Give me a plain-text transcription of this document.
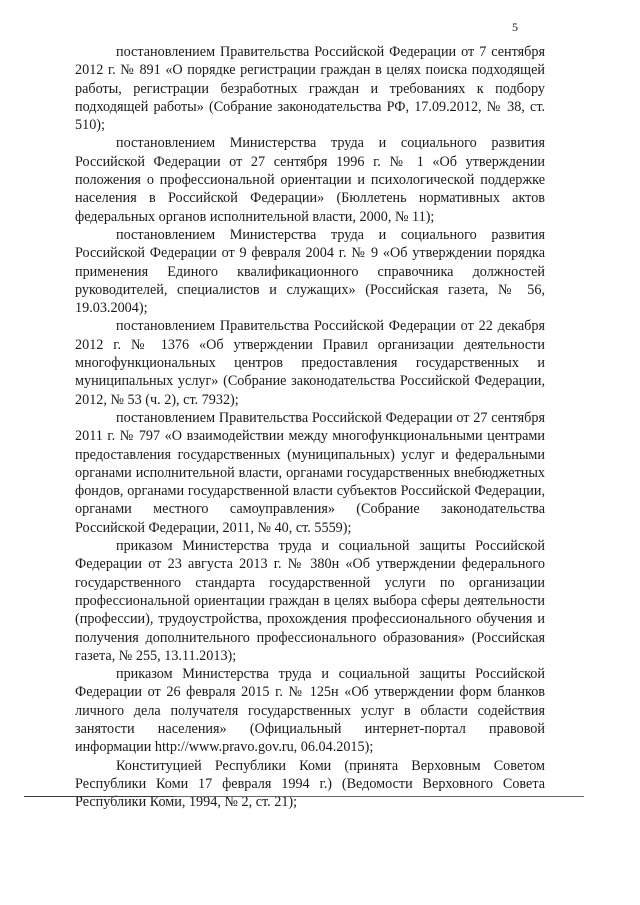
5

постановлением Правительства Российской Федерации от 7 сентября 2012 г. № 891 «О порядке регистрации граждан в целях поиска подходящей работы, регистрации безработных граждан и требованиях к подбору подходящей работы» (Собрание законодательства РФ, 17.09.2012, № 38, ст. 510);

постановлением Министерства труда и социального развития Российской Федерации от 27 сентября 1996 г. № 1 «Об утверждении положения о профессиональной ориентации и психологической поддержке населения в Российской Федерации» (Бюллетень нормативных актов федеральных органов исполнительной власти, 2000, № 11);

постановлением Министерства труда и социального развития Российской Федерации от 9 февраля 2004 г. № 9 «Об утверждении порядка применения Единого квалификационного справочника должностей руководителей, специалистов и служащих» (Российская газета, № 56, 19.03.2004);

постановлением Правительства Российской Федерации от 22 декабря 2012 г. № 1376 «Об утверждении Правил организации деятельности многофункциональных центров предоставления государственных и муниципальных услуг» (Собрание законодательства Российской Федерации, 2012, № 53 (ч. 2), ст. 7932);

постановлением Правительства Российской Федерации от 27 сентября 2011 г. № 797 «О взаимодействии между многофункциональными центрами предоставления государственных (муниципальных) услуг и федеральными органами исполнительной власти, органами государственных внебюджетных фондов, органами государственной власти субъектов Российской Федерации, органами местного самоуправления» (Собрание законодательства Российской Федерации, 2011, № 40, ст. 5559);

приказом Министерства труда и социальной защиты Российской Федерации от 23 августа 2013 г. № 380н «Об утверждении федерального государственного стандарта государственной услуги по организации профессиональной ориентации граждан в целях выбора сферы деятельности (профессии), трудоустройства, прохождения профессионального обучения и получения дополнительного профессионального образования» (Российская газета, № 255, 13.11.2013);

приказом Министерства труда и социальной защиты Российской Федерации от 26 февраля 2015 г. № 125н «Об утверждении форм бланков личного дела получателя государственных услуг в области содействия занятости населения» (Официальный интернет-портал правовой информации http://www.pravo.gov.ru, 06.04.2015);

Конституцией Республики Коми (принята Верховным Советом Республики Коми 17 февраля 1994 г.) (Ведомости Верховного Совета Республики Коми, 1994, № 2, ст. 21);
